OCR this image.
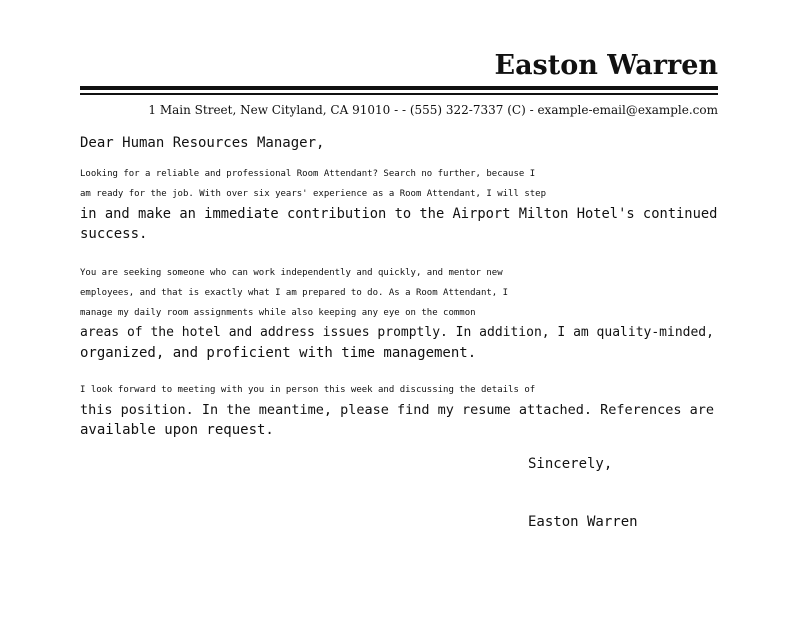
Easton Warren
1 Main Street, New Cityland, CA 91010 - - (555) 322-7337 (C) - example-email@example.com

Dear Human Resources Manager,

Looking for a reliable and professional Room Attendant? Search no further, because I
am ready for the job. With over six years' experience as a Room Attendant, I will step
in and make an immediate contribution to the Airport Milton Hotel's continued
success.

You are seeking someone who can work independently and quickly, and mentor new
employees, and that is exactly what I am prepared to do. As a Room Attendant, I
manage my daily room assignments while also keeping any eye on the common
areas of the hotel and address issues promptly. In addition, I am quality-minded,
organized, and proficient with time management.

I look forward to meeting with you in person this week and discussing the details of
this position. In the meantime, please find my resume attached. References are
available upon request.

Sincerely,

Easton Warren
